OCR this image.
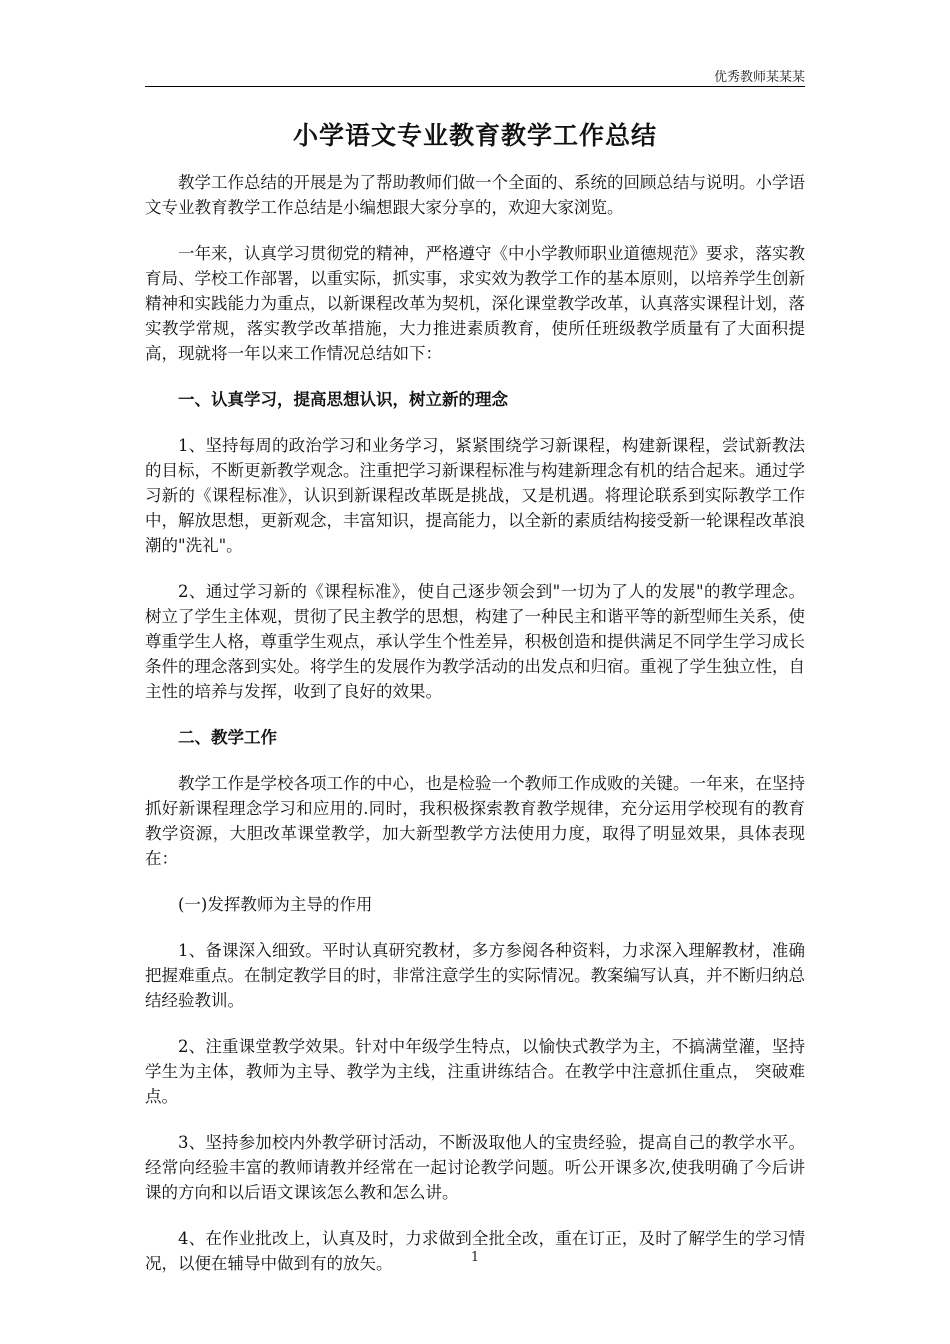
优秀教师某某某
小学语文专业教育教学工作总结

教学工作总结的开展是为了帮助教师们做一个全面的、系统的回顾总结与说明。小学语文专业教育教学工作总结是小编想跟大家分享的，欢迎大家浏览。

一年来，认真学习贯彻党的精神，严格遵守《中小学教师职业道德规范》要求，落实教育局、学校工作部署，以重实际，抓实事，求实效为教学工作的基本原则，以培养学生创新精神和实践能力为重点，以新课程改革为契机，深化课堂教学改革，认真落实课程计划，落实教学常规，落实教学改革措施，大力推进素质教育，使所任班级教学质量有了大面积提高，现就将一年以来工作情况总结如下：

一、认真学习，提高思想认识，树立新的理念

1、坚持每周的政治学习和业务学习，紧紧围绕学习新课程，构建新课程，尝试新教法的目标，不断更新教学观念。注重把学习新课程标准与构建新理念有机的结合起来。通过学习新的《课程标准》，认识到新课程改革既是挑战，又是机遇。将理论联系到实际教学工作中，解放思想，更新观念，丰富知识，提高能力，以全新的素质结构接受新一轮课程改革浪潮的"洗礼"。

2、通过学习新的《课程标准》，使自己逐步领会到"一切为了人的发展"的教学理念。树立了学生主体观，贯彻了民主教学的思想，构建了一种民主和谐平等的新型师生关系，使尊重学生人格，尊重学生观点，承认学生个性差异，积极创造和提供满足不同学生学习成长条件的理念落到实处。将学生的发展作为教学活动的出发点和归宿。重视了学生独立性，自主性的培养与发挥，收到了良好的效果。

二、教学工作

教学工作是学校各项工作的中心，也是检验一个教师工作成败的关键。一年来，在坚持抓好新课程理念学习和应用的.同时，我积极探索教育教学规律，充分运用学校现有的教育教学资源，大胆改革课堂教学，加大新型教学方法使用力度，取得了明显效果，具体表现在：

(一)发挥教师为主导的作用

1、备课深入细致。平时认真研究教材，多方参阅各种资料，力求深入理解教材，准确把握难重点。在制定教学目的时，非常注意学生的实际情况。教案编写认真，并不断归纳总结经验教训。

2、注重课堂教学效果。针对中年级学生特点，以愉快式教学为主，不搞满堂灌，坚持学生为主体，教师为主导、教学为主线，注重讲练结合。在教学中注意抓住重点， 突破难点。

3、坚持参加校内外教学研讨活动，不断汲取他人的宝贵经验，提高自己的教学水平。经常向经验丰富的教师请教并经常在一起讨论教学问题。听公开课多次,使我明确了今后讲课的方向和以后语文课该怎么教和怎么讲。

4、在作业批改上，认真及时，力求做到全批全改，重在订正，及时了解学生的学习情况，以便在辅导中做到有的放矢。	1
